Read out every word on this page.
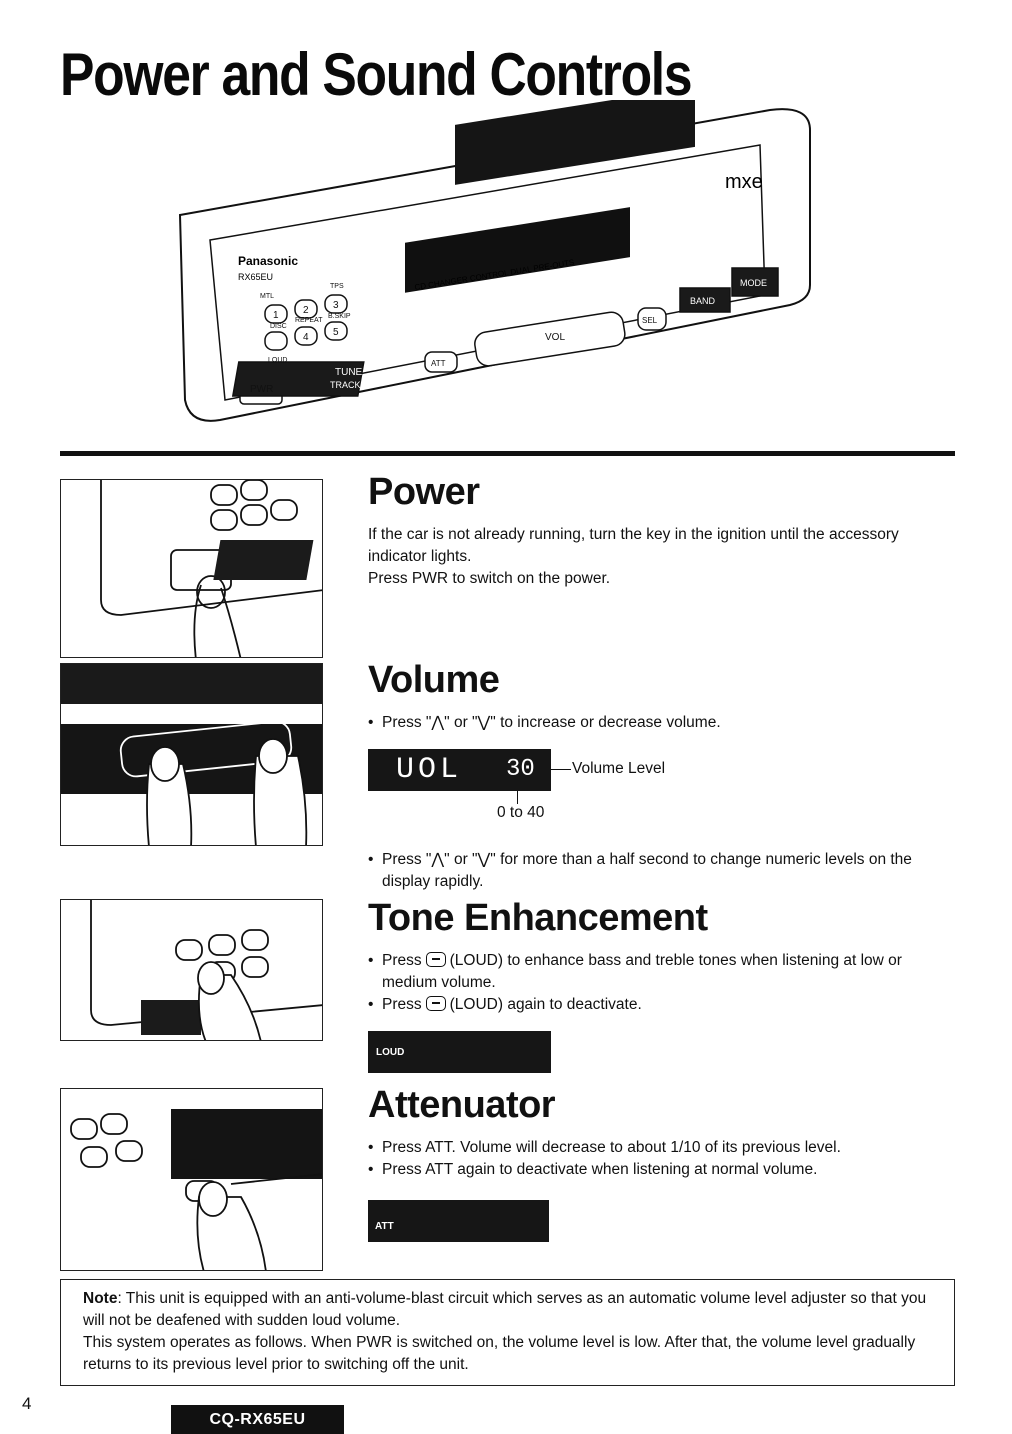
Power and Sound Controls
Panasonic
RX65EU
25W×4
mxe
CD CHANGER CONTROL DUAL PRE-OUTS
1 2 3
4 5
MTL
TPS
DISC
REPEAT
B.SKIP
LOUD
PWR
TUNE
TRACK
ATT
VOL
SEL
BAND
MODE
Power

If the car is not already running, turn the key in the ignition until the accessory indicator lights.

Press PWR to switch on the power.

Volume
• Press "⋀" or "⋁" to increase or decrease volume.
UOL 30 Volume Level
0 to 40
• Press "⋀" or "⋁" for more than a half second to change numeric levels on the display rapidly.
Tone Enhancement
• Press (LOUD) to enhance bass and treble tones when listening at low or medium volume.
• Press (LOUD) again to deactivate.
LOUD
Attenuator
• Press ATT. Volume will decrease to about 1/10 of its previous level.
• Press ATT again to deactivate when listening at normal volume.
ATT

Note: This unit is equipped with an anti-volume-blast circuit which serves as an automatic volume level adjuster so that you will not be deafened with sudden loud volume.

This system operates as follows. When PWR is switched on, the volume level is low. After that, the volume level gradually returns to its previous level prior to switching off the unit.

4
CQ-RX65EU
